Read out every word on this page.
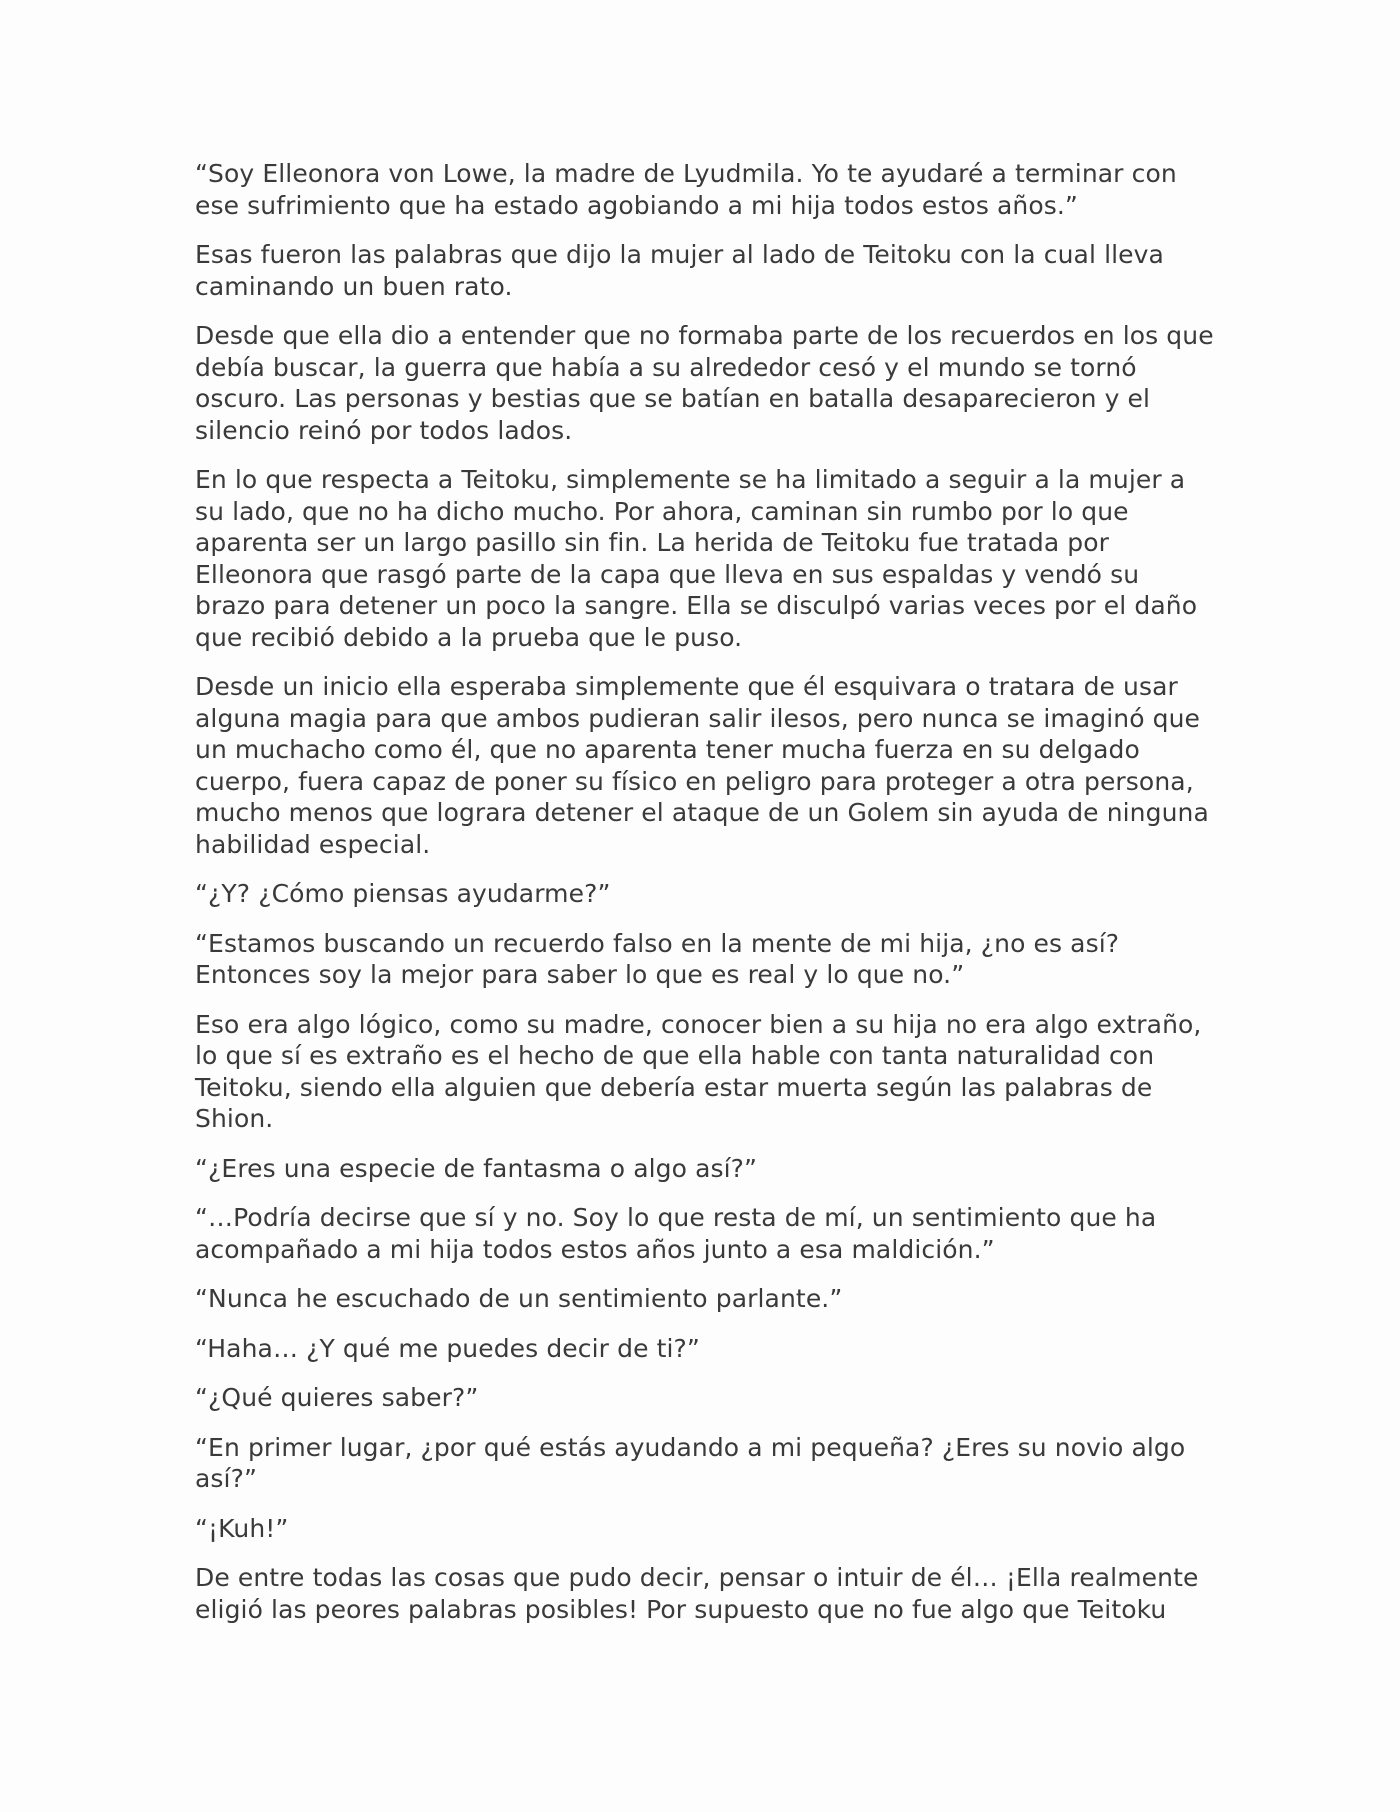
“Soy Elleonora von Lowe, la madre de Lyudmila. Yo te ayudaré a terminar con ese sufrimiento que ha estado agobiando a mi hija todos estos años.”

Esas fueron las palabras que dijo la mujer al lado de Teitoku con la cual lleva caminando un buen rato.

Desde que ella dio a entender que no formaba parte de los recuerdos en los que debía buscar, la guerra que había a su alrededor cesó y el mundo se tornó oscuro. Las personas y bestias que se batían en batalla desaparecieron y el silencio reinó por todos lados.

En lo que respecta a Teitoku, simplemente se ha limitado a seguir a la mujer a su lado, que no ha dicho mucho. Por ahora, caminan sin rumbo por lo que aparenta ser un largo pasillo sin fin. La herida de Teitoku fue tratada por Elleonora que rasgó parte de la capa que lleva en sus espaldas y vendó su brazo para detener un poco la sangre. Ella se disculpó varias veces por el daño que recibió debido a la prueba que le puso.

Desde un inicio ella esperaba simplemente que él esquivara o tratara de usar alguna magia para que ambos pudieran salir ilesos, pero nunca se imaginó que un muchacho como él, que no aparenta tener mucha fuerza en su delgado cuerpo, fuera capaz de poner su físico en peligro para proteger a otra persona, mucho menos que lograra detener el ataque de un Golem sin ayuda de ninguna habilidad especial.

“¿Y? ¿Cómo piensas ayudarme?”

“Estamos buscando un recuerdo falso en la mente de mi hija, ¿no es así? Entonces soy la mejor para saber lo que es real y lo que no.”

Eso era algo lógico, como su madre, conocer bien a su hija no era algo extraño, lo que sí es extraño es el hecho de que ella hable con tanta naturalidad con Teitoku, siendo ella alguien que debería estar muerta según las palabras de Shion.

“¿Eres una especie de fantasma o algo así?”

“…Podría decirse que sí y no. Soy lo que resta de mí, un sentimiento que ha acompañado a mi hija todos estos años junto a esa maldición.”

“Nunca he escuchado de un sentimiento parlante.”

“Haha… ¿Y qué me puedes decir de ti?”

“¿Qué quieres saber?”

“En primer lugar, ¿por qué estás ayudando a mi pequeña? ¿Eres su novio algo así?”

“¡Kuh!”

De entre todas las cosas que pudo decir, pensar o intuir de él… ¡Ella realmente eligió las peores palabras posibles! Por supuesto que no fue algo que Teitoku
